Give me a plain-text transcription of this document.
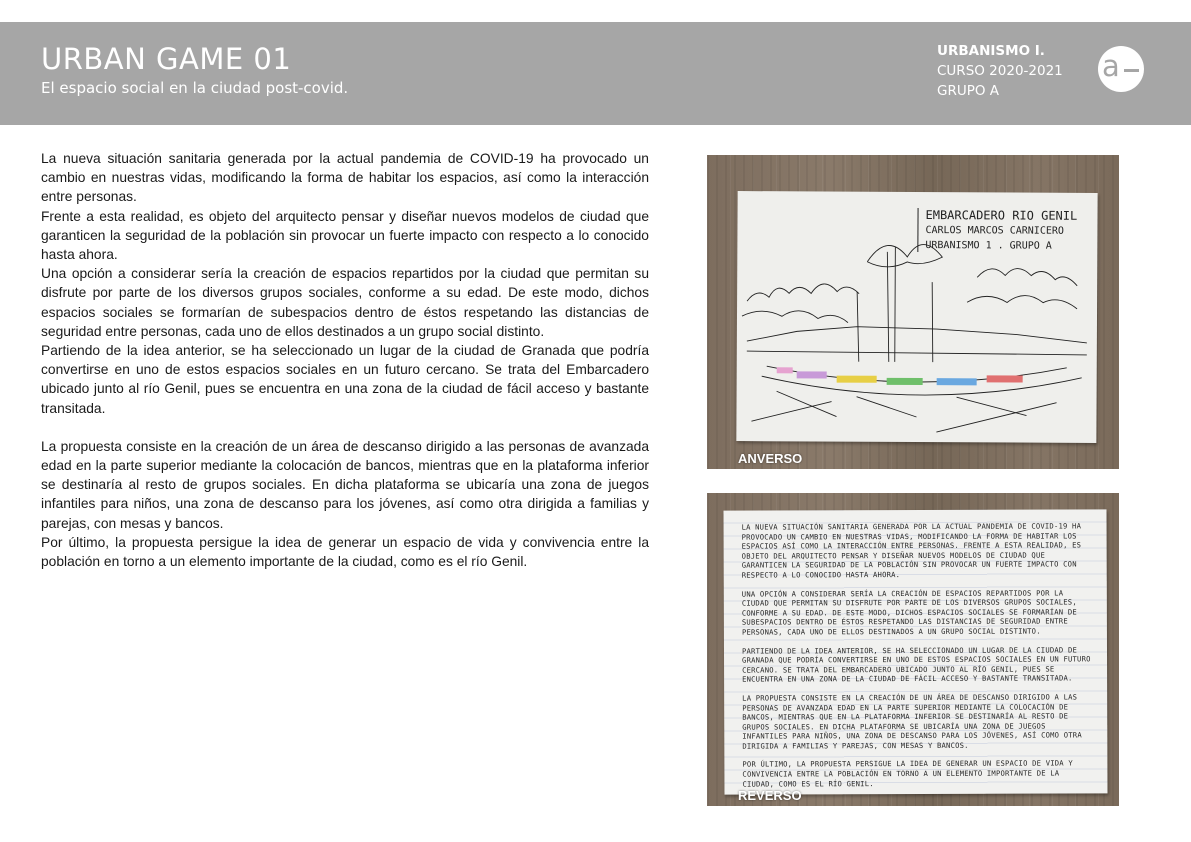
URBAN GAME 01
El espacio social en la ciudad post-covid.
URBANISMO I.
CURSO 2020-2021
GRUPO A
a

La nueva situación sanitaria generada por la actual pandemia de COVID-19 ha provocado un cambio en nuestras vidas, modificando la forma de habitar los espacios, así como la interacción entre personas.

Frente a esta realidad, es objeto del arquitecto pensar y diseñar nuevos modelos de ciudad que garanticen la seguridad de la población sin provocar un fuerte impacto con respecto a lo conocido hasta ahora.

Una opción a considerar sería la creación de espacios repartidos por la ciudad que permitan su disfrute por parte de los diversos grupos sociales, conforme a su edad. De este modo, dichos espacios sociales se formarían de subespacios dentro de éstos respetando las distancias de seguridad entre personas, cada uno de ellos destinados a un grupo social distinto.

Partiendo de la idea anterior, se ha seleccionado un lugar de la ciudad de Granada que podría convertirse en uno de estos espacios sociales en un futuro cercano. Se trata del Embarcadero ubicado junto al río Genil, pues se encuentra en una zona de la ciudad de fácil acceso y bastante transitada.

La propuesta consiste en la creación de un área de descanso dirigido a las personas de avanzada edad en la parte superior mediante la colocación de bancos, mientras que en la plataforma inferior se destinaría al resto de grupos sociales. En dicha plataforma se ubicaría una zona de juegos infantiles para niños, una zona de descanso para los jóvenes, así como otra dirigida a familias y parejas, con mesas y bancos.

Por último, la propuesta persigue la idea de generar un espacio de vida y convivencia entre la población en torno a un elemento importante de la ciudad, como es el río Genil.

EMBARCADERO RIO GENIL
CARLOS MARCOS CARNICERO
URBANISMO 1 . GRUPO A
ANVERSO

LA NUEVA SITUACIÓN SANITARIA GENERADA POR LA ACTUAL PANDEMIA DE COVID-19 HA PROVOCADO UN CAMBIO EN NUESTRAS VIDAS, MODIFICANDO LA FORMA DE HABITAR LOS ESPACIOS ASÍ COMO LA INTERACCIÓN ENTRE PERSONAS. FRENTE A ESTA REALIDAD, ES OBJETO DEL ARQUITECTO PENSAR Y DISEÑAR NUEVOS MODELOS DE CIUDAD QUE GARANTICEN LA SEGURIDAD DE LA POBLACIÓN SIN PROVOCAR UN FUERTE IMPACTO CON RESPECTO A LO CONOCIDO HASTA AHORA.

UNA OPCIÓN A CONSIDERAR SERÍA LA CREACIÓN DE ESPACIOS REPARTIDOS POR LA CIUDAD QUE PERMITAN SU DISFRUTE POR PARTE DE LOS DIVERSOS GRUPOS SOCIALES, CONFORME A SU EDAD. DE ESTE MODO, DICHOS ESPACIOS SOCIALES SE FORMARÍAN DE SUBESPACIOS DENTRO DE ÉSTOS RESPETANDO LAS DISTANCIAS DE SEGURIDAD ENTRE PERSONAS, CADA UNO DE ELLOS DESTINADOS A UN GRUPO SOCIAL DISTINTO.

PARTIENDO DE LA IDEA ANTERIOR, SE HA SELECCIONADO UN LUGAR DE LA CIUDAD DE GRANADA QUE PODRÍA CONVERTIRSE EN UNO DE ESTOS ESPACIOS SOCIALES EN UN FUTURO CERCANO. SE TRATA DEL EMBARCADERO UBICADO JUNTO AL RÍO GENIL, PUES SE ENCUENTRA EN UNA ZONA DE LA CIUDAD DE FÁCIL ACCESO Y BASTANTE TRANSITADA.

LA PROPUESTA CONSISTE EN LA CREACIÓN DE UN ÁREA DE DESCANSO DIRIGIDO A LAS PERSONAS DE AVANZADA EDAD EN LA PARTE SUPERIOR MEDIANTE LA COLOCACIÓN DE BANCOS, MIENTRAS QUE EN LA PLATAFORMA INFERIOR SE DESTINARÍA AL RESTO DE GRUPOS SOCIALES. EN DICHA PLATAFORMA SE UBICARÍA UNA ZONA DE JUEGOS INFANTILES PARA NIÑOS, UNA ZONA DE DESCANSO PARA LOS JÓVENES, ASÍ COMO OTRA DIRIGIDA A FAMILIAS Y PAREJAS, CON MESAS Y BANCOS.

POR ÚLTIMO, LA PROPUESTA PERSIGUE LA IDEA DE GENERAR UN ESPACIO DE VIDA Y CONVIVENCIA ENTRE LA POBLACIÓN EN TORNO A UN ELEMENTO IMPORTANTE DE LA CIUDAD, COMO ES EL RÍO GENIL.

REVERSO
